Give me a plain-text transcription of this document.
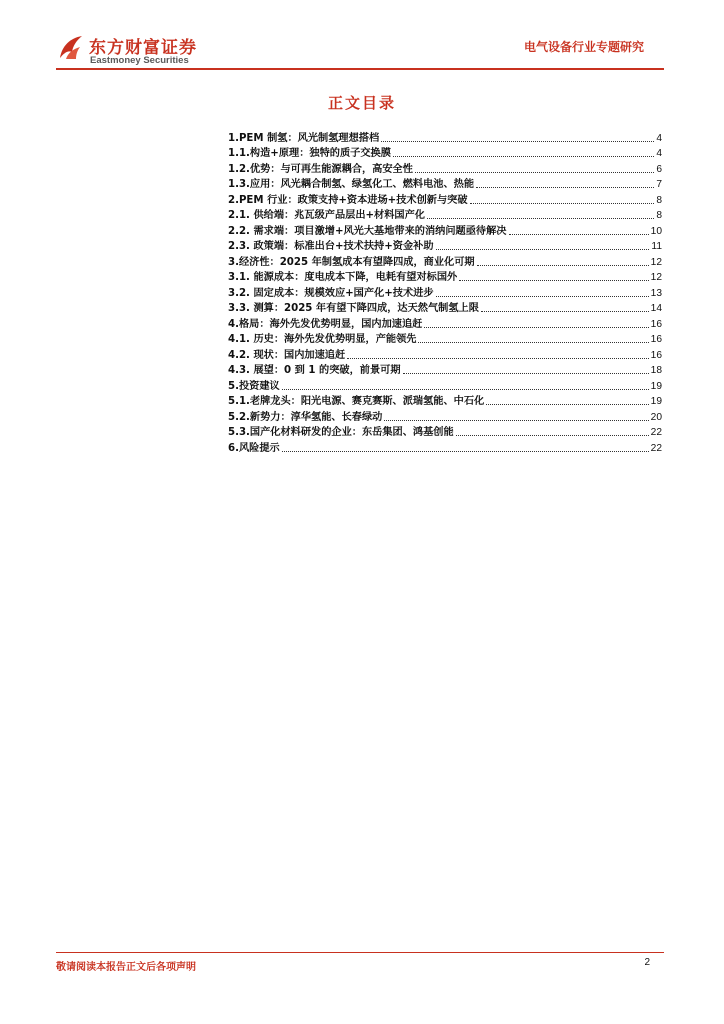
东方财富证券
Eastmoney Securities
电气设备行业专题研究
正文目录
1.PEM 制氢：风光制氢理想搭档	4
1.1.构造+原理：独特的质子交换膜	4
1.2.优势：与可再生能源耦合，高安全性	6
1.3.应用：风光耦合制氢、绿氢化工、燃料电池、热能	7
2.PEM 行业：政策支持+资本进场+技术创新与突破	8
2.1. 供给端：兆瓦级产品层出+材料国产化	8
2.2. 需求端：项目激增+风光大基地带来的消纳问题亟待解决	10
2.3. 政策端：标准出台+技术扶持+资金补助	11
3.经济性：2025 年制氢成本有望降四成，商业化可期	12
3.1. 能源成本：度电成本下降，电耗有望对标国外	12
3.2. 固定成本：规模效应+国产化+技术进步	13
3.3. 测算：2025 年有望下降四成，达天然气制氢上限	14
4.格局：海外先发优势明显，国内加速追赶	16
4.1. 历史：海外先发优势明显，产能领先	16
4.2. 现状：国内加速追赶	16
4.3. 展望：0 到 1 的突破，前景可期	18
5.投资建议	19
5.1.老牌龙头：阳光电源、赛克赛斯、派瑞氢能、中石化	19
5.2.新势力：淳华氢能、长春绿动	20
5.3.国产化材料研发的企业：东岳集团、鸿基创能	22
6.风险提示	22
敬请阅读本报告正文后各项声明	2
